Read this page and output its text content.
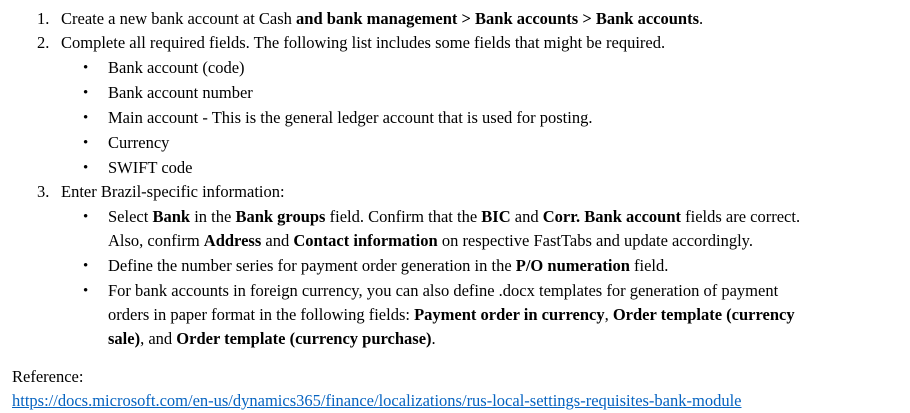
1. Create a new bank account at Cash and bank management > Bank accounts > Bank accounts.
2. Complete all required fields. The following list includes some fields that might be required.
• Bank account (code)
• Bank account number
• Main account - This is the general ledger account that is used for posting.
• Currency
• SWIFT code
3. Enter Brazil-specific information:
• Select Bank in the Bank groups field. Confirm that the BIC and Corr. Bank account fields are correct.
Also, confirm Address and Contact information on respective FastTabs and update accordingly.
• Define the number series for payment order generation in the P/O numeration field.
• For bank accounts in foreign currency, you can also define .docx templates for generation of payment
orders in paper format in the following fields: Payment order in currency, Order template (currency
sale), and Order template (currency purchase).
Reference:
https://docs.microsoft.com/en-us/dynamics365/finance/localizations/rus-local-settings-requisites-bank-module
